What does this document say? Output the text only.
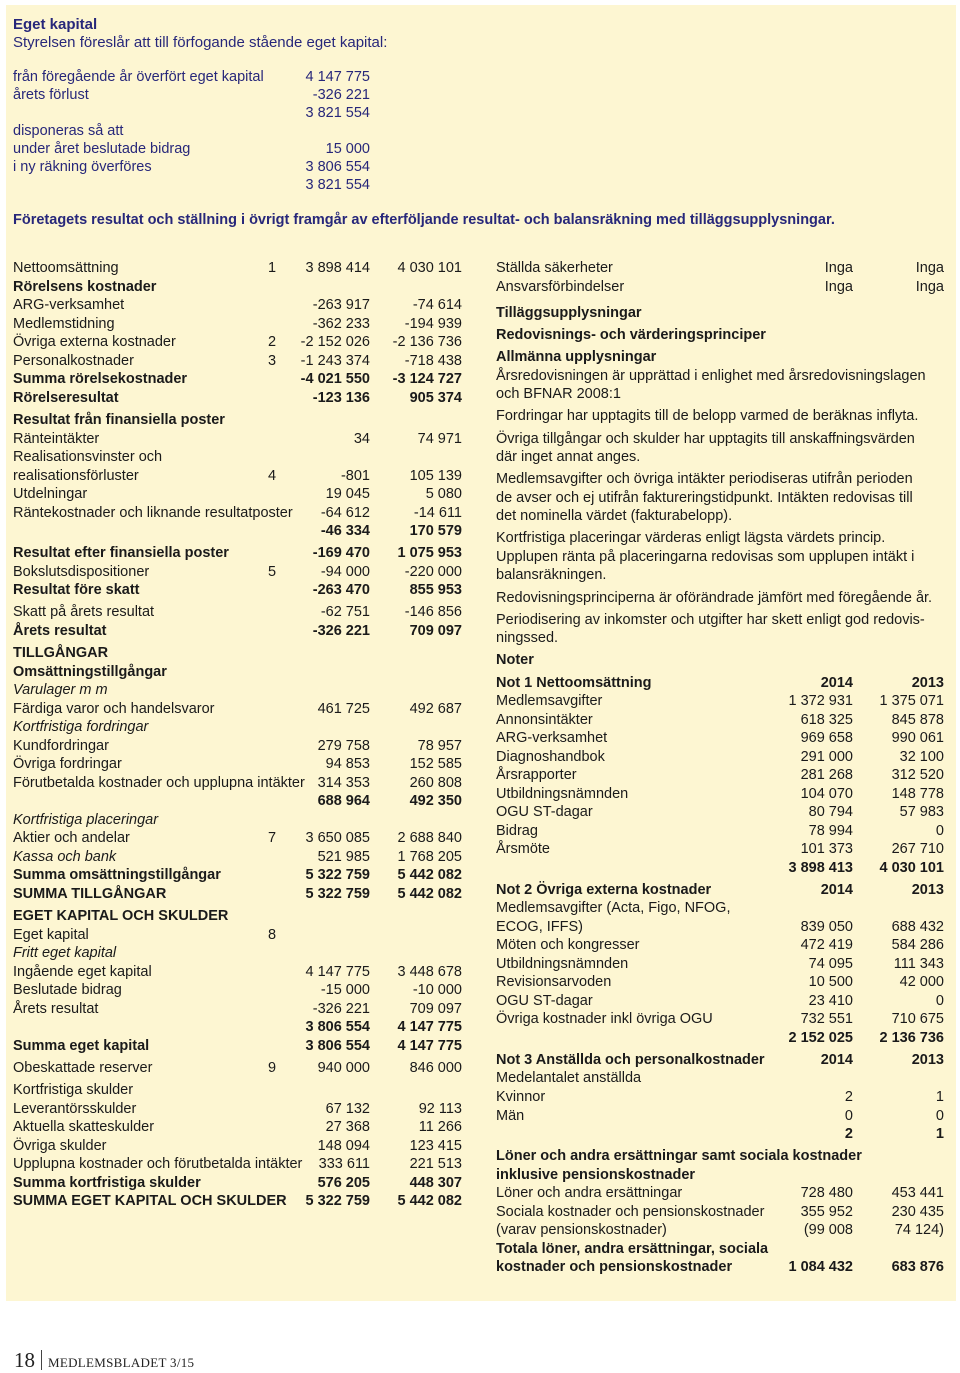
Eget kapital
Styrelsen föreslår att till förfogande stående eget kapital:
från föregående år överfört eget kapital	4 147 775
årets förlust	-326 221
3 821 554
disponeras så att
under året beslutade bidrag	15 000
i ny räkning överföres	3 806 554
3 821 554
Företagets resultat och ställning i övrigt framgår av efterföljande resultat- och balansräkning med tilläggsupplysningar.
Nettoomsättning	1	3 898 414	4 030 101
Rörelsens kostnader
ARG-verksamhet	-263 917	-74 614
Medlemstidning	-362 233	-194 939
Övriga externa kostnader	2	-2 152 026	-2 136 736
Personalkostnader	3	-1 243 374	-718 438
Summa rörelsekostnader	-4 021 550	-3 124 727
Rörelseresultat	-123 136	905 374
Resultat från finansiella poster
Ränteintäkter	34	74 971
Realisationsvinster och
realisationsförluster	4	-801	105 139
Utdelningar	19 045	5 080
Räntekostnader och liknande resultatposter	-64 612	-14 611
-46 334	170 579
Resultat efter finansiella poster	-169 470	1 075 953
Bokslutsdispositioner	5	-94 000	-220 000
Resultat före skatt	-263 470	855 953
Skatt på årets resultat	-62 751	-146 856
Årets resultat	-326 221	709 097
TILLGÅNGAR
Omsättningstillgångar
Varulager m m
Färdiga varor och handelsvaror	461 725	492 687
Kortfristiga fordringar
Kundfordringar	279 758	78 957
Övriga fordringar	94 853	152 585
Förutbetalda kostnader och upplupna intäkter 314 353	260 808
688 964	492 350
Kortfristiga placeringar
Aktier och andelar	7	3 650 085	2 688 840
Kassa och bank	521 985	1 768 205
Summa omsättningstillgångar	5 322 759	5 442 082
SUMMA TILLGÅNGAR	5 322 759	5 442 082
EGET KAPITAL OCH SKULDER
Eget kapital	8
Fritt eget kapital
Ingående eget kapital	4 147 775	3 448 678
Beslutade bidrag	-15 000	-10 000
Årets resultat	-326 221	709 097
3 806 554	4 147 775
Summa eget kapital	3 806 554	4 147 775
Obeskattade reserver	9	940 000	846 000
Kortfristiga skulder
Leverantörsskulder	67 132	92 113
Aktuella skatteskulder	27 368	11 266
Övriga skulder	148 094	123 415
Upplupna kostnader och förutbetalda intäkter	333 611	221 513
Summa kortfristiga skulder	576 205	448 307
SUMMA EGET KAPITAL OCH SKULDER	5 322 759	5 442 082
Ställda säkerheter	Inga	Inga
Ansvarsförbindelser	Inga	Inga
Tilläggsupplysningar
Redovisnings- och värderingsprinciper
Allmänna upplysningar
Årsredovisningen är upprättad i enlighet med årsredovisningslagen
och BFNAR 2008:1
Fordringar har upptagits till de belopp varmed de beräknas inflyta.
Övriga tillgångar och skulder har upptagits till anskaffningsvärden
där inget annat anges.
Medlemsavgifter och övriga intäkter periodiseras utifrån perioden
de avser och ej utifrån faktureringstidpunkt. Intäkten redovisas till
det nominella värdet (fakturabelopp).
Kortfristiga placeringar värderas enligt lägsta värdets princip.
Upplupen ränta på placeringarna redovisas som upplupen intäkt i
balansräkningen.
Redovisningsprinciperna är oförändrade jämfört med föregående år.
Periodisering av inkomster och utgifter har skett enligt god redovis-
ningssed.
Noter
Not 1 Nettoomsättning	2014	2013
Medlemsavgifter	1 372 931	1 375 071
Annonsintäkter	618 325	845 878
ARG-verksamhet	969 658	990 061
Diagnoshandbok	291 000	32 100
Årsrapporter	281 268	312 520
Utbildningsnämnden	104 070	148 778
OGU ST-dagar	80 794	57 983
Bidrag	78 994	0
Årsmöte	101 373	267 710
3 898 413	4 030 101
Not 2 Övriga externa kostnader	2014	2013
Medlemsavgifter (Acta, Figo, NFOG,
ECOG, IFFS)	839 050	688 432
Möten och kongresser	472 419	584 286
Utbildningsnämnden	74 095	111 343
Revisionsarvoden	10 500	42 000
OGU ST-dagar	23 410	0
Övriga kostnader inkl övriga OGU	732 551	710 675
2 152 025	2 136 736
Not 3 Anställda och personalkostnader	2014	2013
Medelantalet anställda
Kvinnor	2	1
Män	0	0
2	1
Löner och andra ersättningar samt sociala kostnader
inklusive pensionskostnader
Löner och andra ersättningar	728 480	453 441
Sociala kostnader och pensionskostnader	355 952	230 435
(varav pensionskostnader)	(99 008	74 124)
Totala löner, andra ersättningar, sociala
kostnader och pensionskostnader	1 084 432	683 876
18 MEDLEMSBLADET 3/15
